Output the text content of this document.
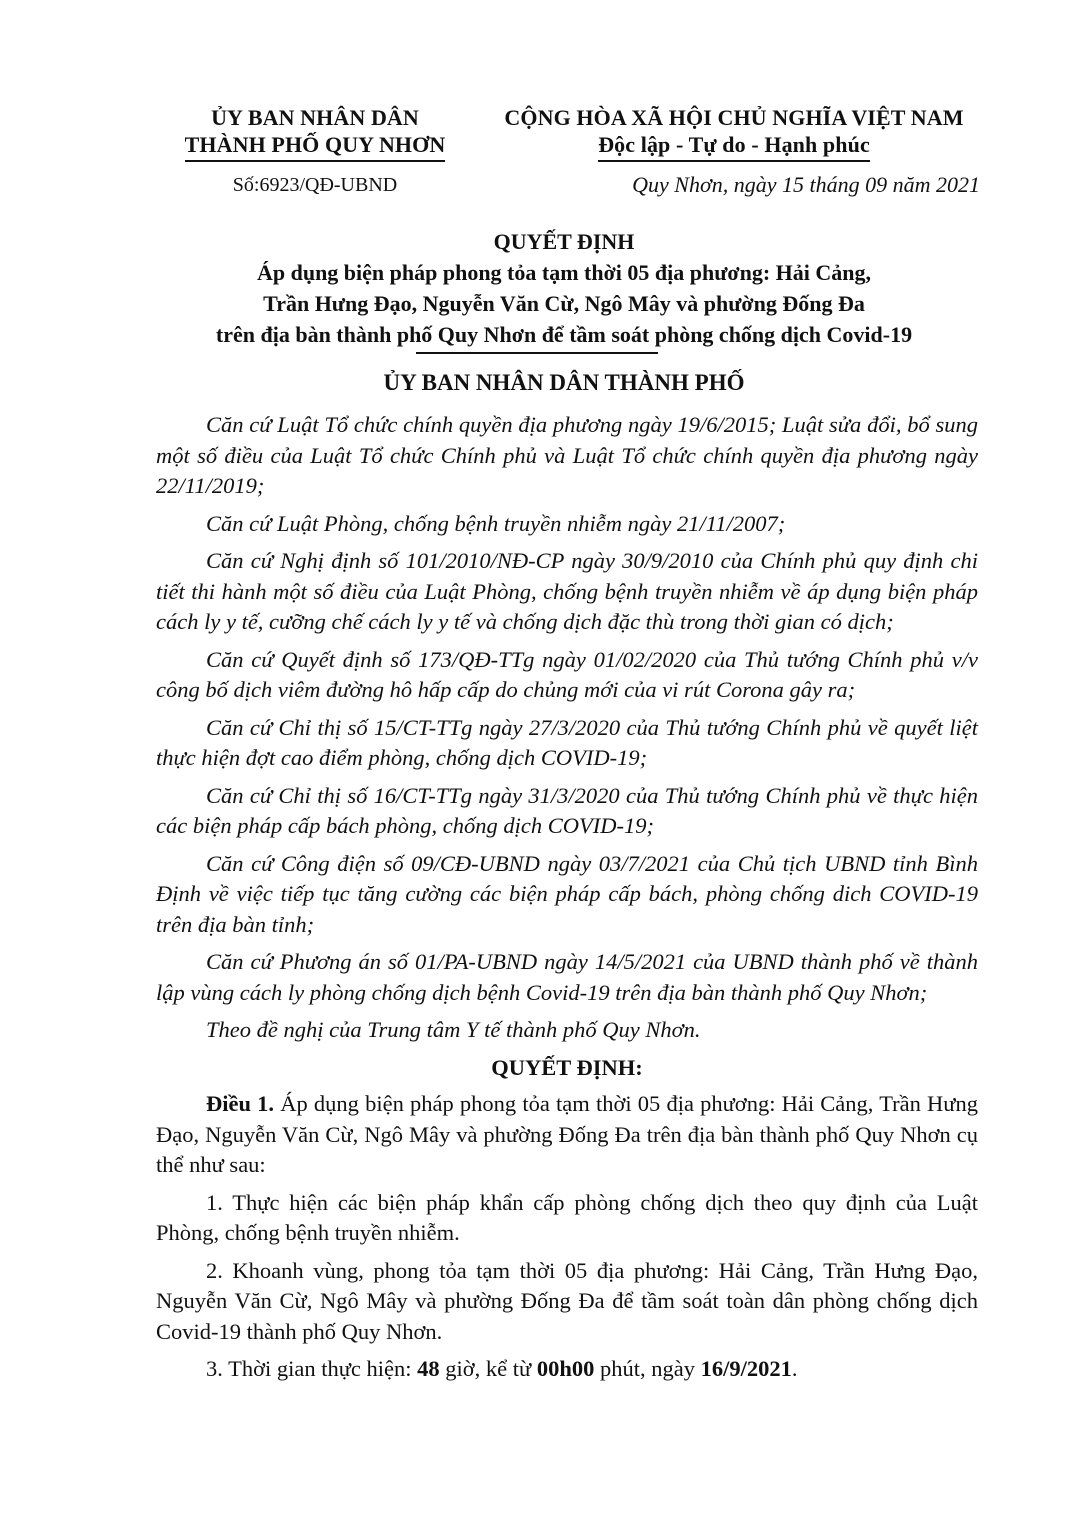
ỦY BAN NHÂN DÂN
THÀNH PHỐ QUY NHƠN
CỘNG HÒA XÃ HỘI CHỦ NGHĨA VIỆT NAM
Độc lập - Tự do - Hạnh phúc
Số:6923/QĐ-UBND	Quy Nhơn, ngày 15 tháng 09 năm 2021
QUYẾT ĐỊNH
Áp dụng biện pháp phong tỏa tạm thời 05 địa phương: Hải Cảng,
Trần Hưng Đạo, Nguyễn Văn Cừ, Ngô Mây và phường Đống Đa
trên địa bàn thành phố Quy Nhơn để tầm soát phòng chống dịch Covid-19
ỦY BAN NHÂN DÂN THÀNH PHỐ

Căn cứ Luật Tổ chức chính quyền địa phương ngày 19/6/2015; Luật sửa đổi, bổ sung một số điều của Luật Tổ chức Chính phủ và Luật Tổ chức chính quyền địa phương ngày 22/11/2019;

Căn cứ Luật Phòng, chống bệnh truyền nhiễm ngày 21/11/2007;

Căn cứ Nghị định số 101/2010/NĐ-CP ngày 30/9/2010 của Chính phủ quy định chi tiết thi hành một số điều của Luật Phòng, chống bệnh truyền nhiễm về áp dụng biện pháp cách ly y tế, cưỡng chế cách ly y tế và chống dịch đặc thù trong thời gian có dịch;

Căn cứ Quyết định số 173/QĐ-TTg ngày 01/02/2020 của Thủ tướng Chính phủ v/v công bố dịch viêm đường hô hấp cấp do chủng mới của vi rút Corona gây ra;

Căn cứ Chỉ thị số 15/CT-TTg ngày 27/3/2020 của Thủ tướng Chính phủ về quyết liệt thực hiện đợt cao điểm phòng, chống dịch COVID-19;

Căn cứ Chỉ thị số 16/CT-TTg ngày 31/3/2020 của Thủ tướng Chính phủ về thực hiện các biện pháp cấp bách phòng, chống dịch COVID-19;

Căn cứ Công điện số 09/CĐ-UBND ngày 03/7/2021 của Chủ tịch UBND tỉnh Bình Định về việc tiếp tục tăng cường các biện pháp cấp bách, phòng chống dich COVID-19 trên địa bàn tỉnh;

Căn cứ Phương án số 01/PA-UBND ngày 14/5/2021 của UBND thành phố về thành lập vùng cách ly phòng chống dịch bệnh Covid-19 trên địa bàn thành phố Quy Nhơn;

Theo đề nghị của Trung tâm Y tế thành phố Quy Nhơn.

QUYẾT ĐỊNH:

Điều 1. Áp dụng biện pháp phong tỏa tạm thời 05 địa phương: Hải Cảng, Trần Hưng Đạo, Nguyễn Văn Cừ, Ngô Mây và phường Đống Đa trên địa bàn thành phố Quy Nhơn cụ thể như sau:

1. Thực hiện các biện pháp khẩn cấp phòng chống dịch theo quy định của Luật Phòng, chống bệnh truyền nhiễm.

2. Khoanh vùng, phong tỏa tạm thời 05 địa phương: Hải Cảng, Trần Hưng Đạo, Nguyễn Văn Cừ, Ngô Mây và phường Đống Đa để tầm soát toàn dân phòng chống dịch Covid-19 thành phố Quy Nhơn.

3. Thời gian thực hiện: 48 giờ, kể từ 00h00 phút, ngày 16/9/2021.
